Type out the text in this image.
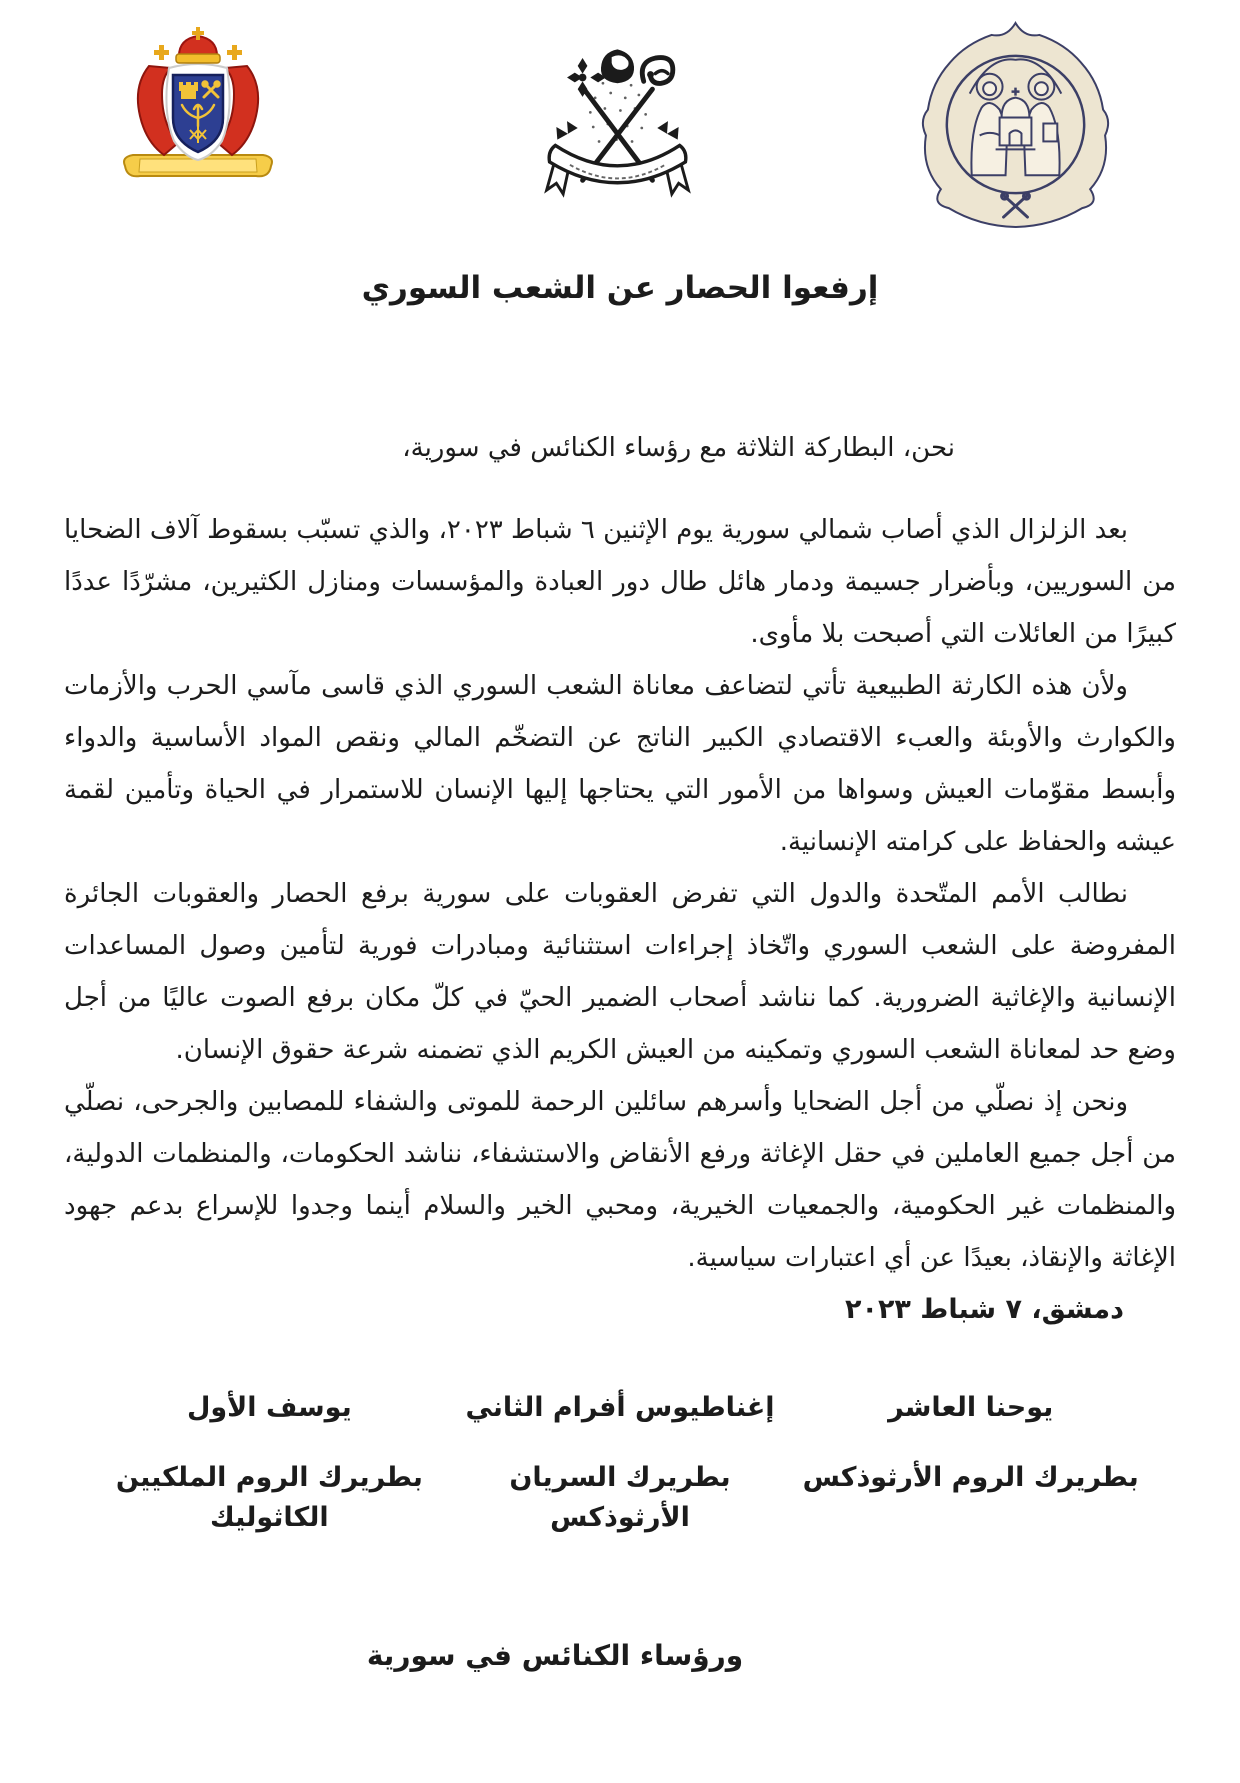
إرفعوا الحصار عن الشعب السوري

نحن، البطاركة الثلاثة مع رؤساء الكنائس في سورية،

بعد الزلزال الذي أصاب شمالي سورية يوم الإثنين ٦ شباط ٢٠٢٣، والذي تسبّب بسقوط آلاف الضحايا من السوريين، وبأضرار جسيمة ودمار هائل طال دور العبادة والمؤسسات ومنازل الكثيرين، مشرّدًا عددًا كبيرًا من العائلات التي أصبحت بلا مأوى.

ولأن هذه الكارثة الطبيعية تأتي لتضاعف معاناة الشعب السوري الذي قاسى مآسي الحرب والأزمات والكوارث والأوبئة والعبء الاقتصادي الكبير الناتج عن التضخّم المالي ونقص المواد الأساسية والدواء وأبسط مقوّمات العيش وسواها من الأمور التي يحتاجها إليها الإنسان للاستمرار في الحياة وتأمين لقمة عيشه والحفاظ على كرامته الإنسانية.

نطالب الأمم المتّحدة والدول التي تفرض العقوبات على سورية برفع الحصار والعقوبات الجائرة المفروضة على الشعب السوري واتّخاذ إجراءات استثنائية ومبادرات فورية لتأمين وصول المساعدات الإنسانية والإغاثية الضرورية. كما نناشد أصحاب الضمير الحيّ في كلّ مكان برفع الصوت عاليًا من أجل وضع حد لمعاناة الشعب السوري وتمكينه من العيش الكريم الذي تضمنه شرعة حقوق الإنسان.

ونحن إذ نصلّي من أجل الضحايا وأسرهم سائلين الرحمة للموتى والشفاء للمصابين والجرحى، نصلّي من أجل جميع العاملين في حقل الإغاثة ورفع الأنقاض والاستشفاء، نناشد الحكومات، والمنظمات الدولية، والمنظمات غير الحكومية، والجمعيات الخيرية، ومحبي الخير والسلام أينما وجدوا للإسراع بدعم جهود الإغاثة والإنقاذ، بعيدًا عن أي اعتبارات سياسية.

دمشق، ٧ شباط ٢٠٢٣

يوحنا العاشر
بطريرك الروم الأرثوذكس
إغناطيوس أفرام الثاني
بطريرك السريان الأرثوذكس
يوسف الأول
بطريرك الروم الملكيين الكاثوليك
ورؤساء الكنائس في سورية
